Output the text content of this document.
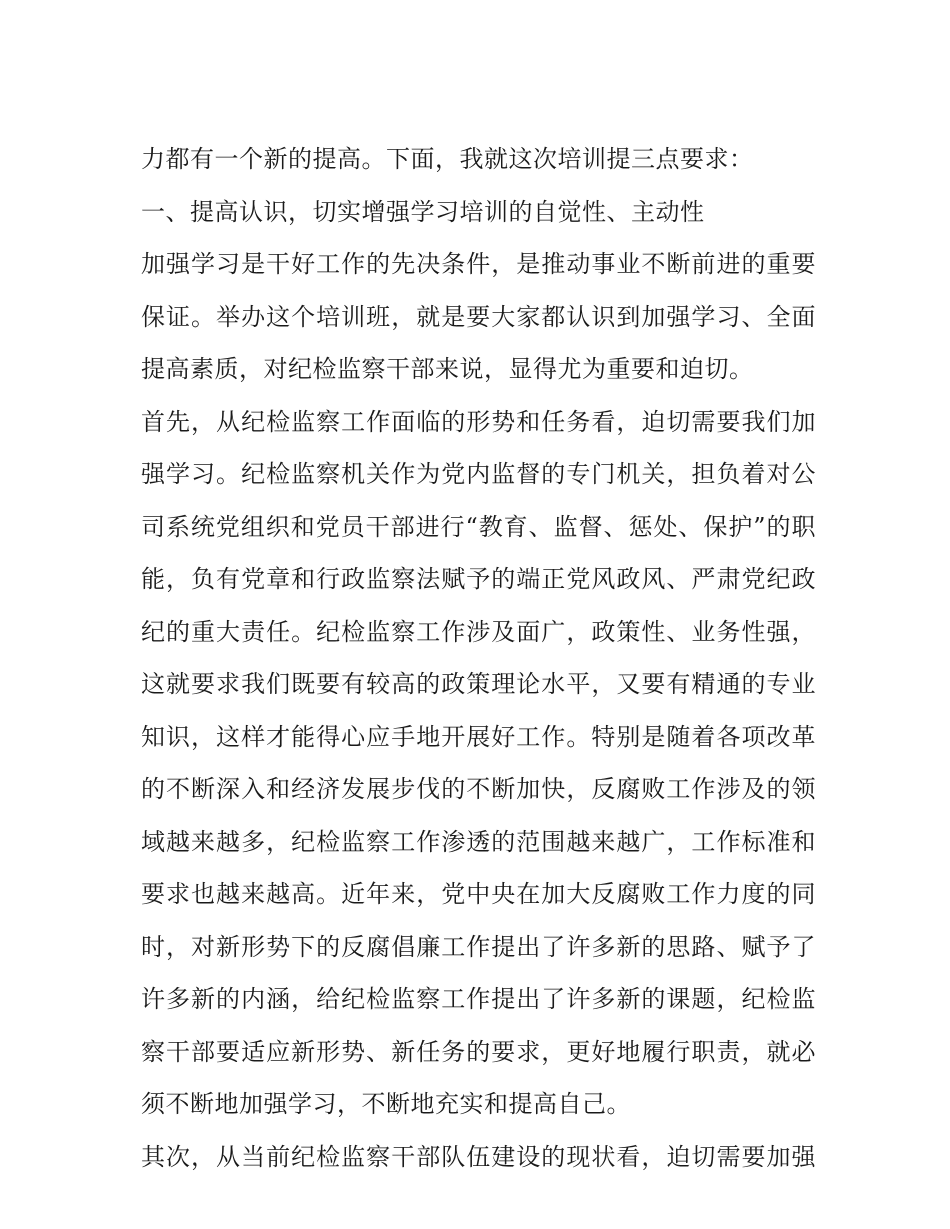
力都有一个新的提高。下面，我就这次培训提三点要求：
一、提高认识，切实增强学习培训的自觉性、主动性
加强学习是干好工作的先决条件，是推动事业不断前进的重要
保证。举办这个培训班，就是要大家都认识到加强学习、全面
提高素质，对纪检监察干部来说，显得尤为重要和迫切。
首先，从纪检监察工作面临的形势和任务看，迫切需要我们加
强学习。纪检监察机关作为党内监督的专门机关，担负着对公
司系统党组织和党员干部进行“教育、监督、惩处、保护”的职
能，负有党章和行政监察法赋予的端正党风政风、严肃党纪政
纪的重大责任。纪检监察工作涉及面广，政策性、业务性强，
这就要求我们既要有较高的政策理论水平，又要有精通的专业
知识，这样才能得心应手地开展好工作。特别是随着各项改革
的不断深入和经济发展步伐的不断加快，反腐败工作涉及的领
域越来越多，纪检监察工作渗透的范围越来越广，工作标准和
要求也越来越高。近年来，党中央在加大反腐败工作力度的同
时，对新形势下的反腐倡廉工作提出了许多新的思路、赋予了
许多新的内涵，给纪检监察工作提出了许多新的课题，纪检监
察干部要适应新形势、新任务的要求，更好地履行职责，就必
须不断地加强学习，不断地充实和提高自己。
其次，从当前纪检监察干部队伍建设的现状看，迫切需要加强
